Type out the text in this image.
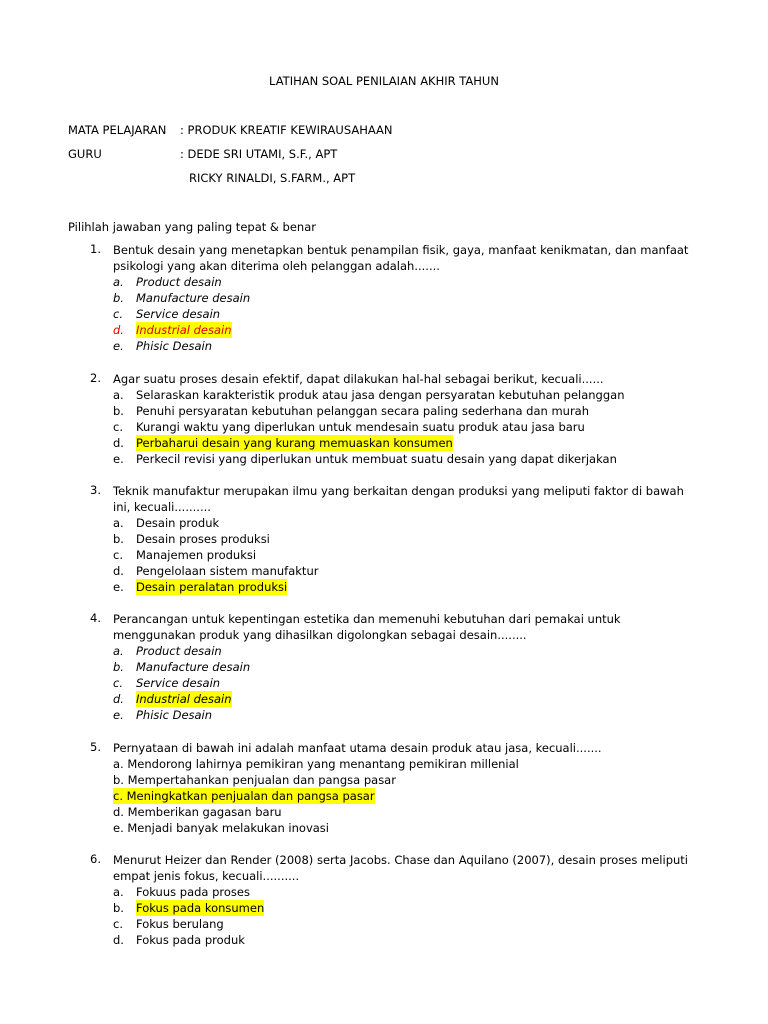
LATIHAN SOAL PENILAIAN AKHIR TAHUN
MATA PELAJARAN : PRODUK KREATIF KEWIRAUSAHAAN
GURU	: DEDE SRI UTAMI, S.F., APT
RICKY RINALDI, S.FARM., APT
Pilihlah jawaban yang paling tepat & benar
1.	Bentuk desain yang menetapkan bentuk penampilan fisik, gaya, manfaat kenikmatan, dan manfaat psikologi yang akan diterima oleh pelanggan adalah.......
a.	Product desain
b.	Manufacture desain
c.	Service desain
d.	Industrial desain
e.	Phisic Desain
2.	Agar suatu proses desain efektif, dapat dilakukan hal-hal sebagai berikut, kecuali......
a.	Selaraskan karakteristik produk atau jasa dengan persyaratan kebutuhan pelanggan
b.	Penuhi persyaratan kebutuhan pelanggan secara paling sederhana dan murah
c.	Kurangi waktu yang diperlukan untuk mendesain suatu produk atau jasa baru
d.	Perbaharui desain yang kurang memuaskan konsumen
e.	Perkecil revisi yang diperlukan untuk membuat suatu desain yang dapat dikerjakan
3.	Teknik manufaktur merupakan ilmu yang berkaitan dengan produksi yang meliputi faktor di bawah ini, kecuali..........
a.	Desain produk
b.	Desain proses produksi
c.	Manajemen produksi
d.	Pengelolaan sistem manufaktur
e.	Desain peralatan produksi
4.	Perancangan untuk kepentingan estetika dan memenuhi kebutuhan dari pemakai untuk menggunakan produk yang dihasilkan digolongkan sebagai desain........
a.	Product desain
b.	Manufacture desain
c.	Service desain
d.	Industrial desain
e.	Phisic Desain
5.	Pernyataan di bawah ini adalah manfaat utama desain produk atau jasa, kecuali.......
a. Mendorong lahirnya pemikiran yang menantang pemikiran millenial
b. Mempertahankan penjualan dan pangsa pasar
c. Meningkatkan penjualan dan pangsa pasar
d. Memberikan gagasan baru
e. Menjadi banyak melakukan inovasi
6.	Menurut Heizer dan Render (2008) serta Jacobs. Chase dan Aquilano (2007), desain proses meliputi empat jenis fokus, kecuali..........
a.	Fokuus pada proses
b.	Fokus pada konsumen
c.	Fokus berulang
d.	Fokus pada produk
